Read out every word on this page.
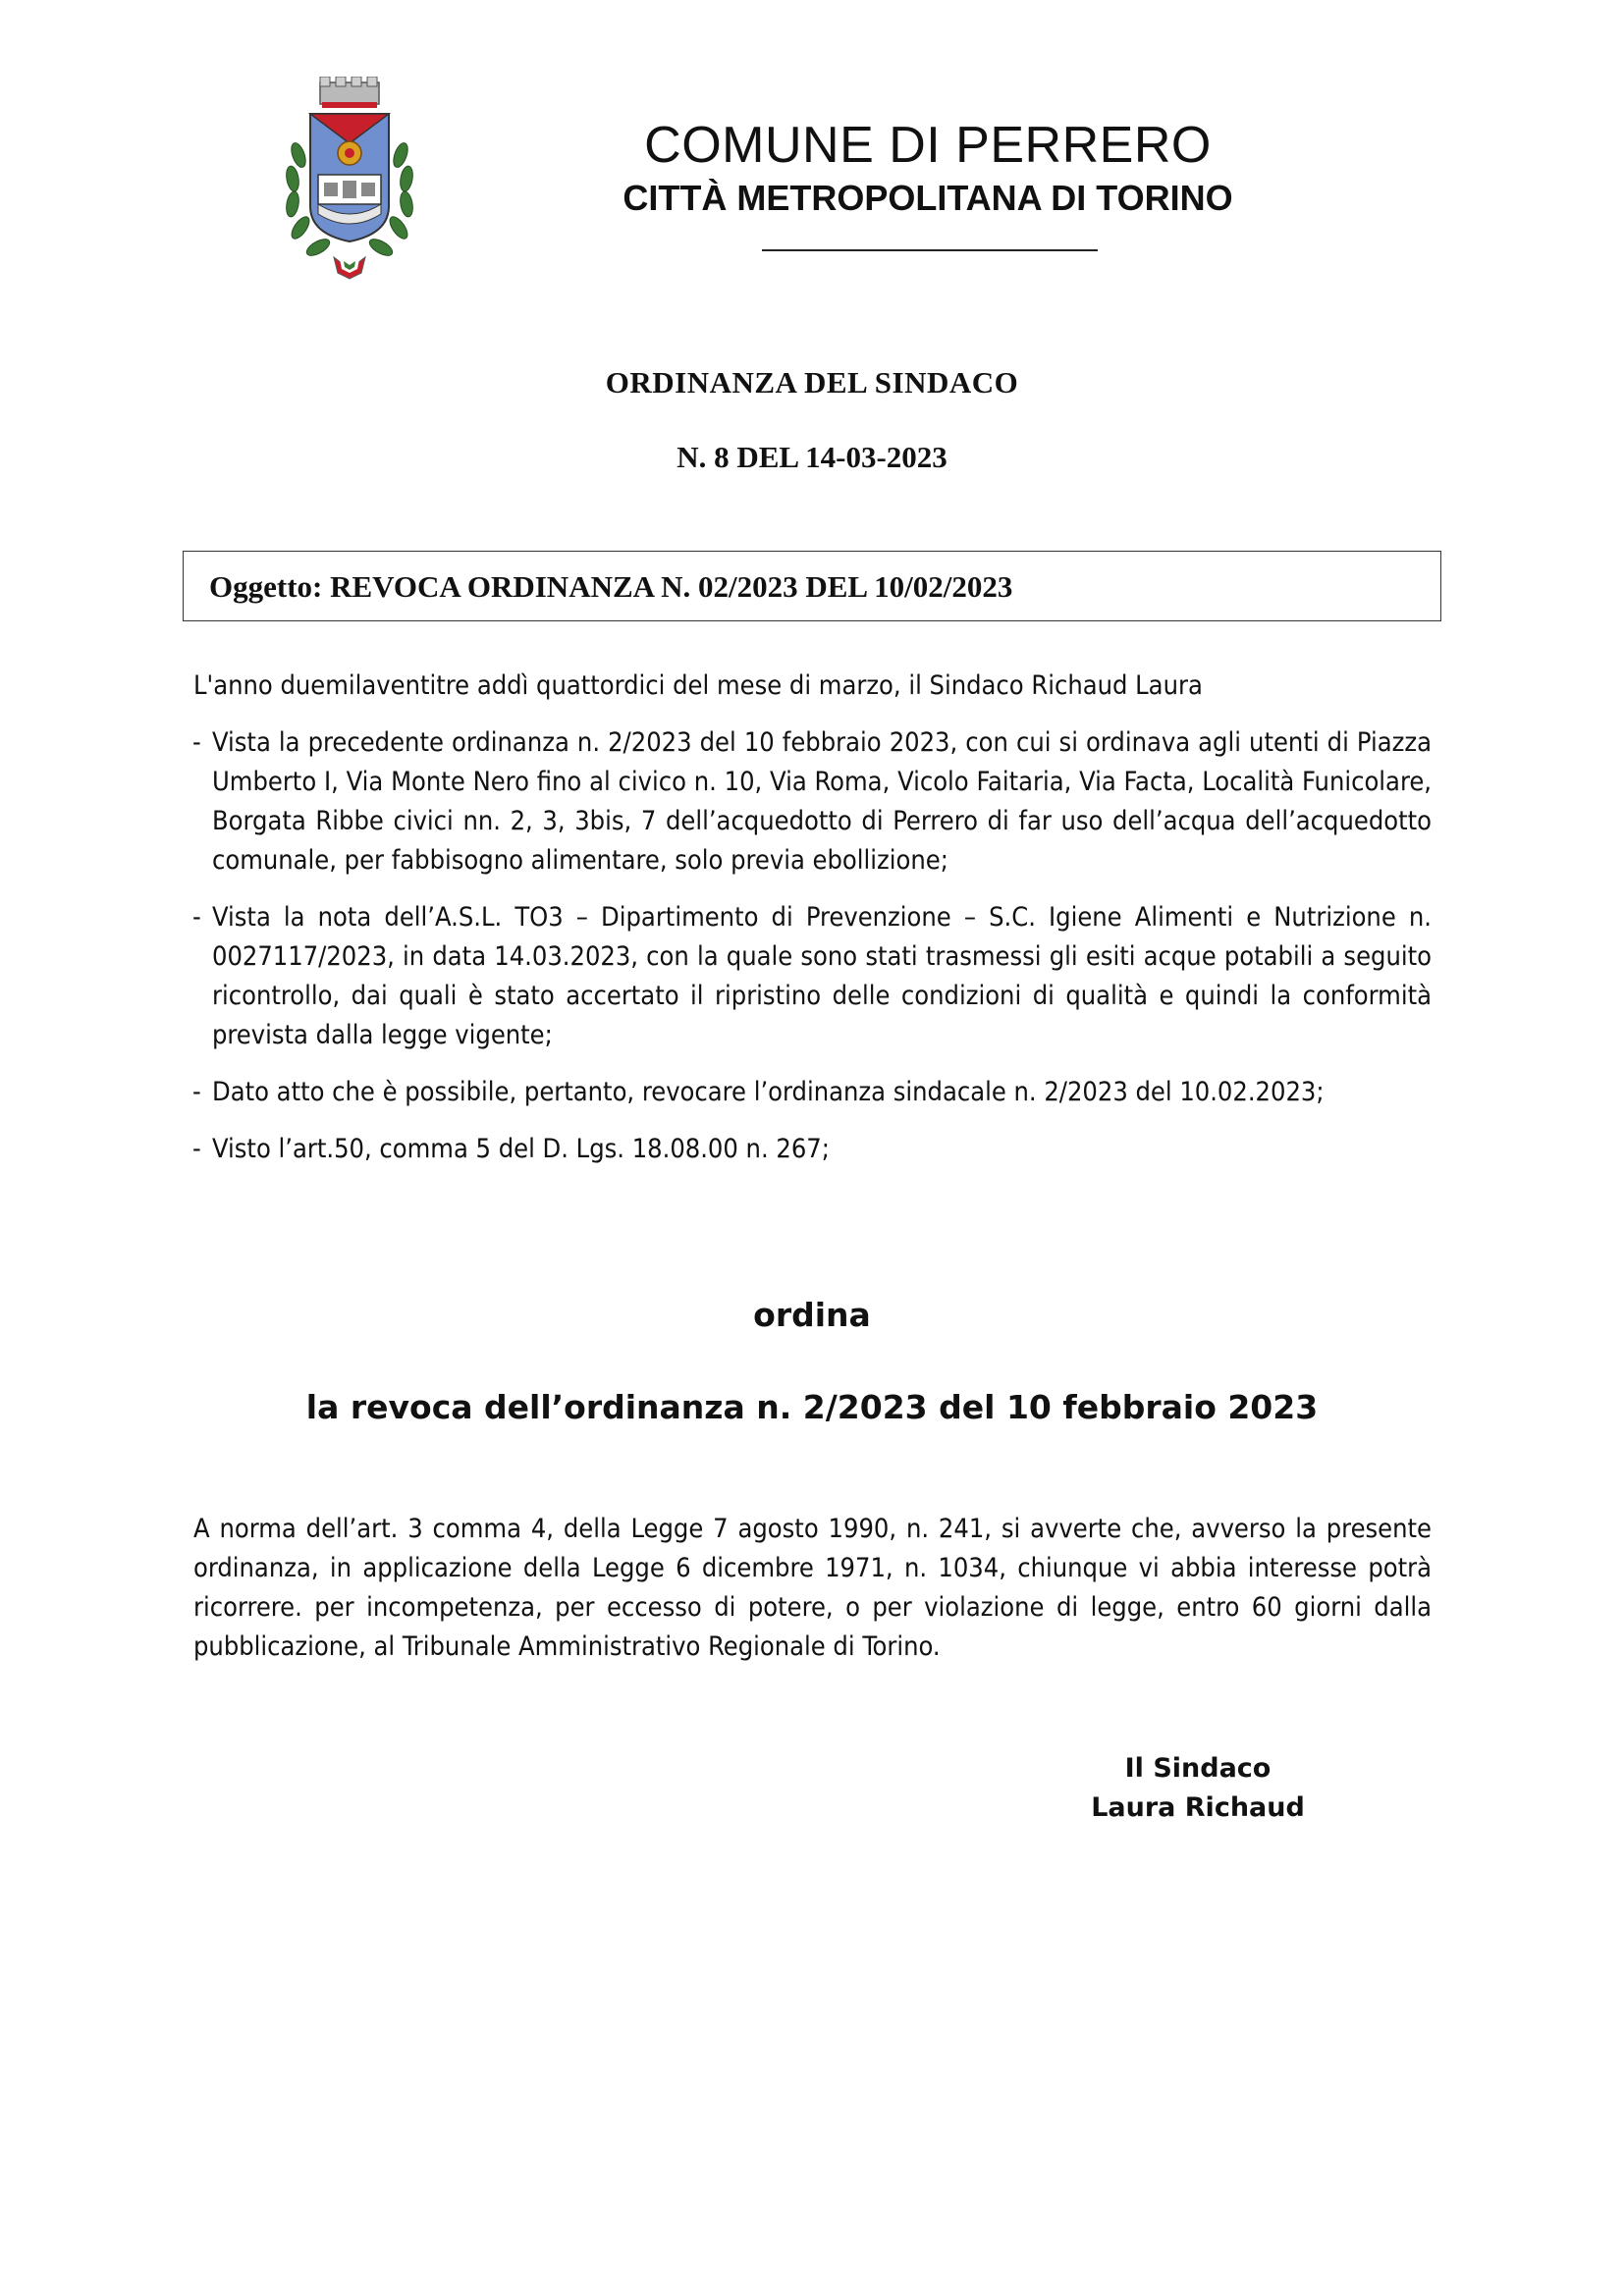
COMUNE DI PERRERO
CITTÀ METROPOLITANA DI TORINO
ORDINANZA DEL SINDACO
N. 8 DEL 14-03-2023
Oggetto: REVOCA ORDINANZA N. 02/2023 DEL 10/02/2023
L'anno duemilaventitre addì quattordici del mese di marzo, il Sindaco Richaud Laura
- Vista la precedente ordinanza n. 2/2023 del 10 febbraio 2023, con cui si ordinava agli utenti di Piazza Umberto I, Via Monte Nero fino al civico n. 10, Via Roma, Vicolo Faitaria, Via Facta, Località Funicolare, Borgata Ribbe civici nn. 2, 3, 3bis, 7 dell’acquedotto di Perrero di far uso dell’acqua dell’acquedotto comunale, per fabbisogno alimentare, solo previa ebollizione;
- Vista la nota dell’A.S.L. TO3 – Dipartimento di Prevenzione – S.C. Igiene Alimenti e Nutrizione n. 0027117/2023, in data 14.03.2023, con la quale sono stati trasmessi gli esiti acque potabili a seguito ricontrollo, dai quali è stato accertato il ripristino delle condizioni di qualità e quindi la conformità prevista dalla legge vigente;
- Dato atto che è possibile, pertanto, revocare l’ordinanza sindacale n. 2/2023 del 10.02.2023;
- Visto l’art.50, comma 5 del D. Lgs. 18.08.00 n. 267;
ordina
la revoca dell’ordinanza n. 2/2023 del 10 febbraio 2023
A norma dell’art. 3 comma 4, della Legge 7 agosto 1990, n. 241, si avverte che, avverso la presente ordinanza, in applicazione della Legge 6 dicembre 1971, n. 1034, chiunque vi abbia interesse potrà ricorrere. per incompetenza, per eccesso di potere, o per violazione di legge, entro 60 giorni dalla pubblicazione, al Tribunale Amministrativo Regionale di Torino.
Il Sindaco
Laura Richaud
